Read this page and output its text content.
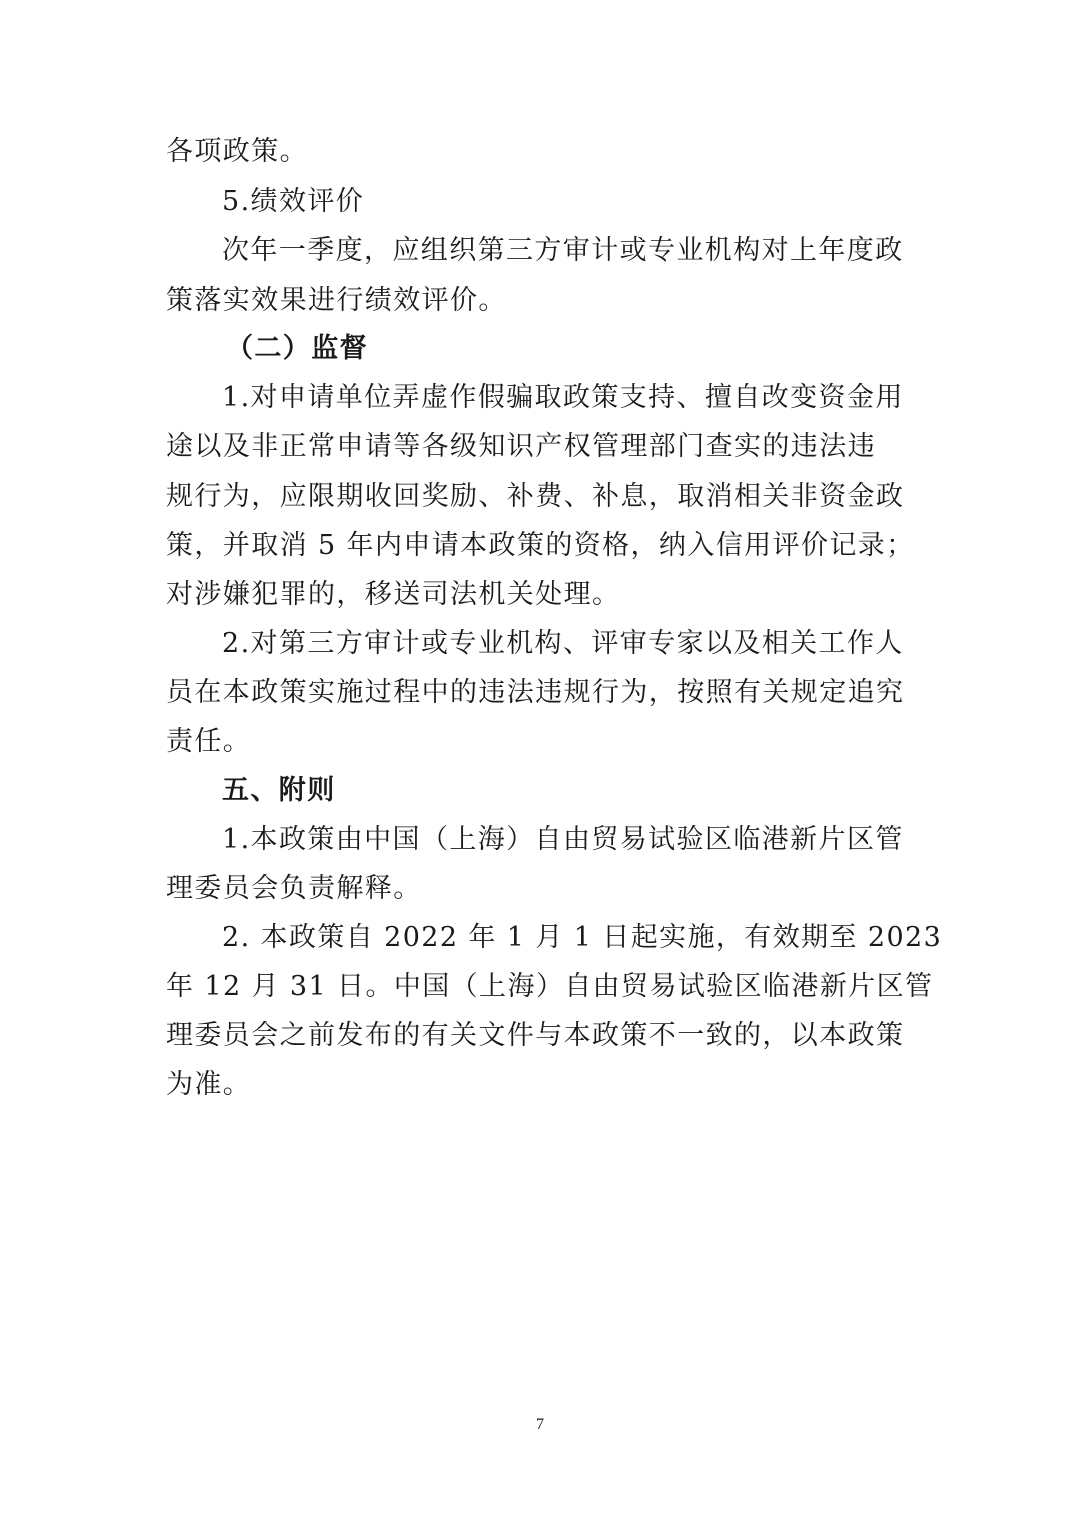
各项政策。
5.绩效评价
次年一季度，应组织第三方审计或专业机构对上年度政
策落实效果进行绩效评价。
（二）监督
1.对申请单位弄虚作假骗取政策支持、擅自改变资金用
途以及非正常申请等各级知识产权管理部门查实的违法违
规行为，应限期收回奖励、补费、补息，取消相关非资金政
策，并取消 5 年内申请本政策的资格，纳入信用评价记录；
对涉嫌犯罪的，移送司法机关处理。
2.对第三方审计或专业机构、评审专家以及相关工作人
员在本政策实施过程中的违法违规行为，按照有关规定追究
责任。
五、附则
1.本政策由中国（上海）自由贸易试验区临港新片区管
理委员会负责解释。
2. 本政策自 2022 年 1 月 1 日起实施，有效期至 2023
年 12 月 31 日。中国（上海）自由贸易试验区临港新片区管
理委员会之前发布的有关文件与本政策不一致的，以本政策
为准。
7
